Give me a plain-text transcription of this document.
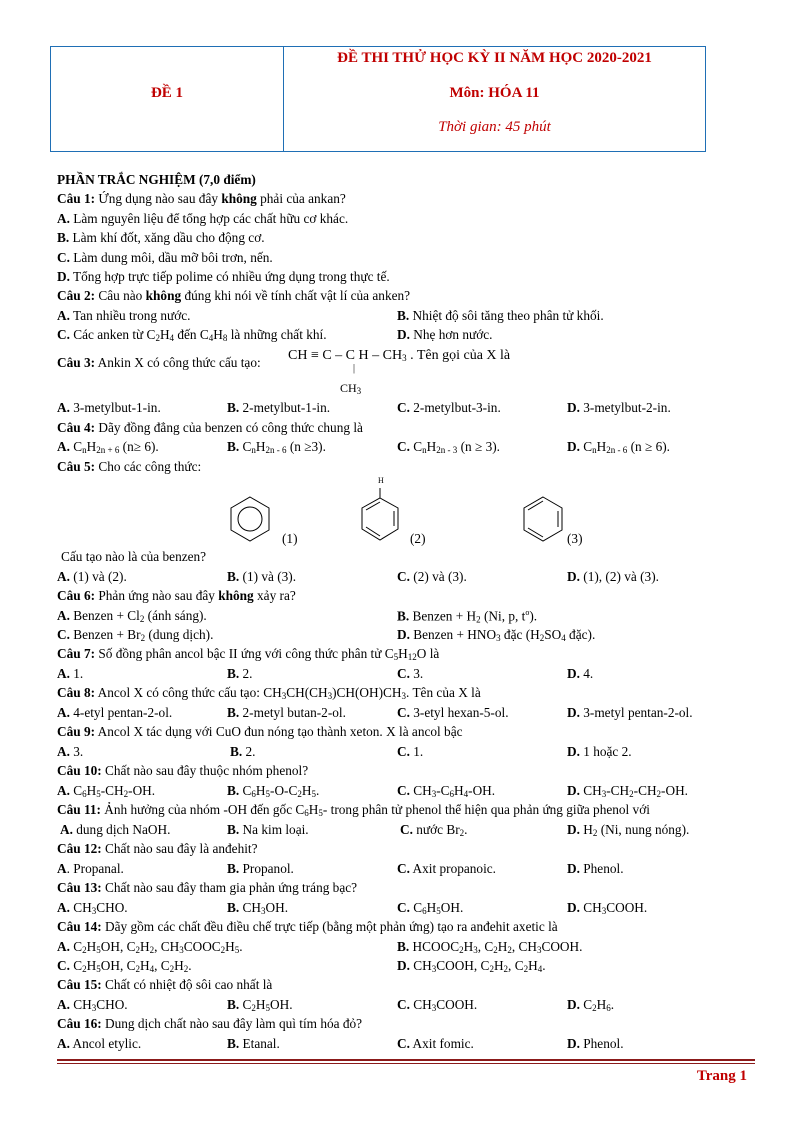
ĐỀ 1
ĐỀ THI THỬ HỌC KỲ II NĂM HỌC 2020-2021
Môn: HÓA 11
Thời gian: 45 phút
PHẦN TRẮC NGHIỆM (7,0 điểm)
Câu 1: Ứng dụng nào sau đây không phải của ankan?
A. Làm nguyên liệu để tổng hợp các chất hữu cơ khác.
B. Làm khí đốt, xăng dầu cho động cơ.
C. Làm dung môi, dầu mỡ bôi trơn, nến.
D. Tổng hợp trực tiếp polime có nhiều ứng dụng trong thực tế.
Câu 2: Câu nào không đúng khi nói về tính chất vật lí của anken?
A. Tan nhiều trong nước.	B. Nhiệt độ sôi tăng theo phân tử khối.
C. Các anken từ $C_2H_4$ đến $C_4H_8$ là những chất khí.	D. Nhẹ hơn nước.
Câu 3: Ankin X có công thức cấu tạo: CH ≡ C – C H – $CH_3$ . Tên gọi của X là
|
$CH_3$
A. 3-metylbut-1-in.	B. 2-metylbut-1-in.	C. 2-metylbut-3-in.	D. 3-metylbut-2-in.
Câu 4: Dãy đồng đẳng của benzen có công thức chung là
A. $C_nH_{2n + 6}$ (n≥ 6).	B. $C_nH_{2n - 6}$ (n ≥3).	C. $C_nH_{2n - 3}$ (n ≥ 3).	D. $C_nH_{2n - 6}$ (n ≥ 6).
Câu 5: Cho các công thức:
(1)
H
(2)	(3)
Cấu tạo nào là của benzen?
A. (1) và (2).	B. (1) và (3).	C. (2) và (3).	D. (1), (2) và (3).
Câu 6: Phản ứng nào sau đây không xảy ra?
A. Benzen + $Cl_2$ (ánh sáng).	B. Benzen + $H_2$ (Ni, p, $t^o$).
C. Benzen + $Br_2$ (dung dịch).	D. Benzen + $HNO_3$ đặc ($H_2SO_4$ đặc).
Câu 7: Số đồng phân ancol bậc II ứng với công thức phân tử $C_5H_{12}O$ là
A. 1.	B. 2.	C. 3.	D. 4.
Câu 8: Ancol X có công thức cấu tạo: $CH_3CH(CH_3)CH(OH)CH_3$. Tên của X là
A. 4-etyl pentan-2-ol.	B. 2-metyl butan-2-ol.	C. 3-etyl hexan-5-ol.	D. 3-metyl pentan-2-ol.
Câu 9: Ancol X tác dụng với CuO đun nóng tạo thành xeton. X là ancol bậc
A. 3.	B. 2.	C. 1.	D. 1 hoặc 2.
Câu 10: Chất nào sau đây thuộc nhóm phenol?
A. $C_6H_5-CH_2-OH$.	B. $C_6H_5-O-C_2H_5$.	C. $CH_3-C_6H_4-OH$.	D. $CH_3-CH_2-CH_2-OH$.
Câu 11: Ảnh hưởng của nhóm -OH đến gốc $C_6H_5-$ trong phân tử phenol thể hiện qua phản ứng giữa phenol với
A. dung dịch NaOH.	B. Na kim loại.	C. nước $Br_2$.	D. $H_2$ (Ni, nung nóng).
Câu 12: Chất nào sau đây là anđehit?
A. Propanal.	B. Propanol.	C. Axit propanoic.	D. Phenol.
Câu 13: Chất nào sau đây tham gia phản ứng tráng bạc?
A. $CH_3CHO$.	B. $CH_3OH$.	C. $C_6H_5OH$.	D. $CH_3COOH$.
Câu 14: Dãy gồm các chất đều điều chế trực tiếp (bằng một phản ứng) tạo ra anđehit axetic là
A. $C_2H_5OH$, $C_2H_2$, $CH_3COOC_2H_5$.	B. $HCOOC_2H_3$, $C_2H_2$, $CH_3COOH$.
C. $C_2H_5OH$, $C_2H_4$, $C_2H_2$.	D. $CH_3COOH$, $C_2H_2$, $C_2H_4$.
Câu 15: Chất có nhiệt độ sôi cao nhất là
A. $CH_3CHO$.	B. $C_2H_5OH$.	C. $CH_3COOH$.	D. $C_2H_6$.
Câu 16: Dung dịch chất nào sau đây làm quì tím hóa đỏ?
A. Ancol etylic.	B. Etanal.	C. Axit fomic.	D. Phenol.
Trang 1
